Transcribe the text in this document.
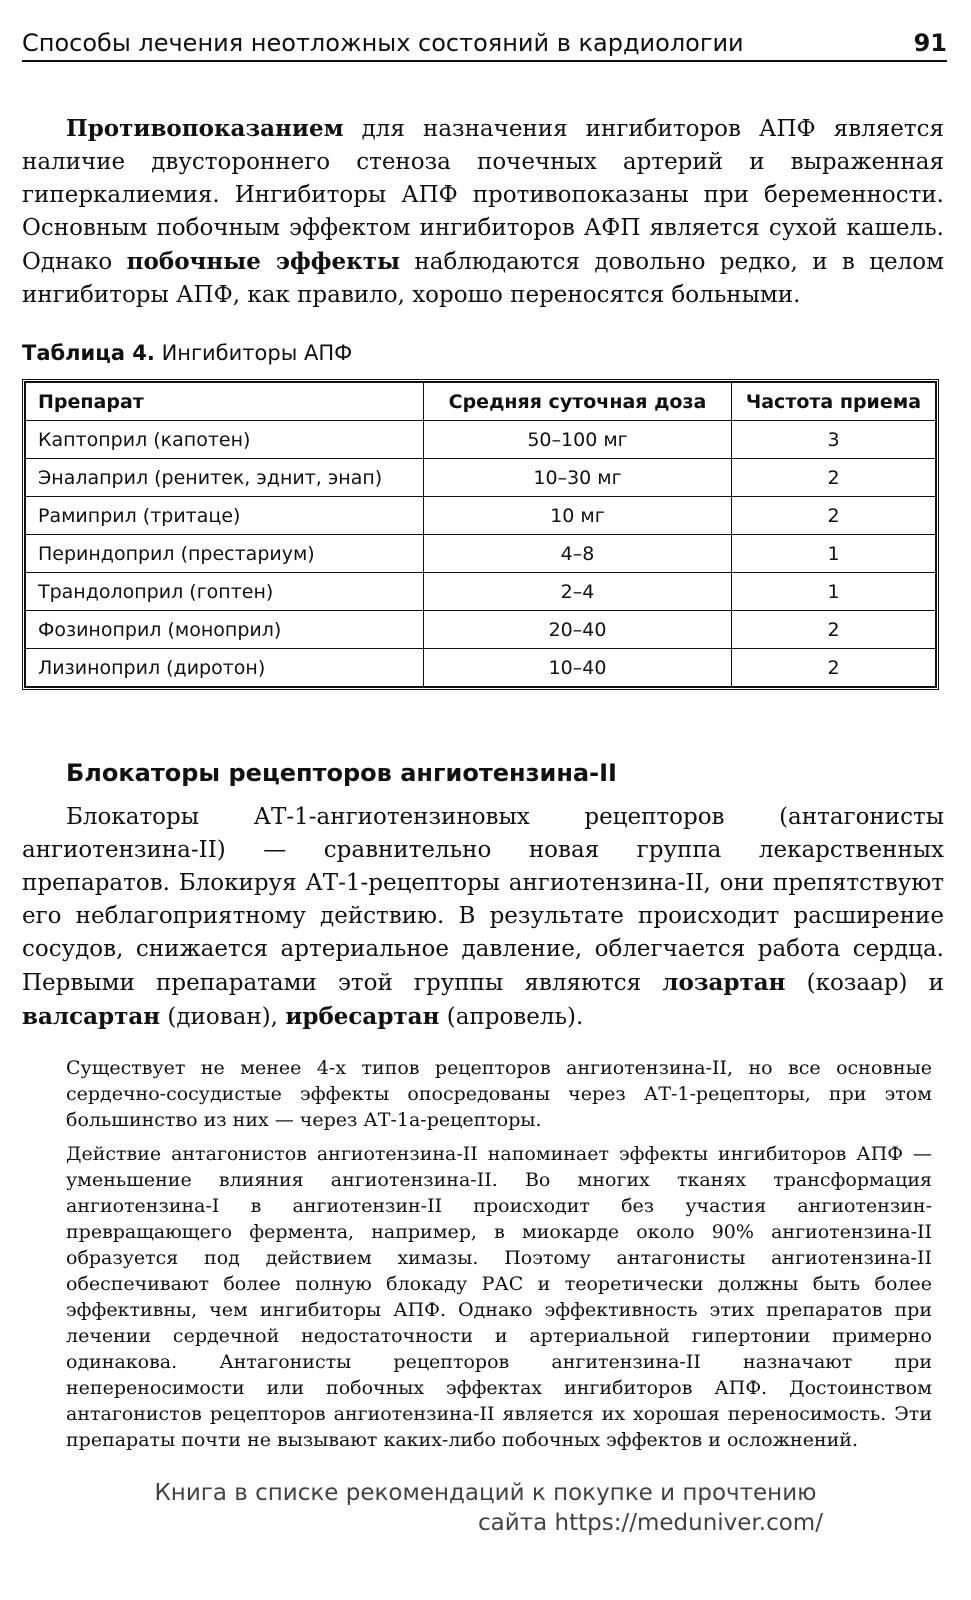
Способы лечения неотложных состояний в кардиологии	91

Противопоказанием для назначения ингибиторов АПФ является наличие двустороннего стеноза почечных артерий и выраженная гиперкалиемия. Ингибиторы АПФ противопоказаны при беременности. Основным побочным эффектом ингибиторов АФП является сухой кашель. Однако побочные эффекты наблюдаются довольно редко, и в целом ингибиторы АПФ, как правило, хорошо переносятся больными.

Таблица 4. Ингибиторы АПФ
Препарат	Средняя суточная доза	Частота приема
Каптоприл (капотен)	50–100 мг	3
Эналаприл (ренитек, эднит, энап)	10–30 мг	2
Рамиприл (тритаце)	10 мг	2
Периндоприл (престариум)	4–8	1
Трандолоприл (гоптен)	2–4	1
Фозиноприл (моноприл)	20–40	2
Лизиноприл (диротон)	10–40	2
Блокаторы рецепторов ангиотензина-II

Блокаторы АТ-1-ангиотензиновых рецепторов (антагонисты ангиотензина-II) — сравнительно новая группа лекарственных препаратов. Блокируя АТ-1-рецепторы ангиотензина-II, они препятствуют его неблагоприятному действию. В результате происходит расширение сосудов, снижается артериальное давление, облегчается работа сердца. Первыми препаратами этой группы являются лозартан (козаар) и валсартан (диован), ирбесартан (апровель).

Существует не менее 4-х типов рецепторов ангиотензина-II, но все основные сердечно-сосудистые эффекты опосредованы через АТ-1-рецепторы, при этом большинство из них — через АТ-1а-рецепторы.

Действие антагонистов ангиотензина-II напоминает эффекты ингибиторов АПФ — уменьшение влияния ангиотензина-II. Во многих тканях трансформация ангиотензина-I в ангиотензин-II происходит без участия ангиотензин-превращающего фермента, например, в миокарде около 90% ангиотензина-II образуется под действием химазы. Поэтому антагонисты ангиотензина-II обеспечивают более полную блокаду РАС и теоретически должны быть более эффективны, чем ингибиторы АПФ. Однако эффективность этих препаратов при лечении сердечной недостаточности и артериальной гипертонии примерно одинакова. Антагонисты рецепторов ангитензина-II назначают при непереносимости или побочных эффектах ингибиторов АПФ. Достоинством антагонистов рецепторов ангиотензина-II является их хорошая переносимость. Эти препараты почти не вызывают каких-либо побочных эффектов и осложнений.

Книга в списке рекомендаций к покупке и прочтению
сайта https://meduniver.com/
